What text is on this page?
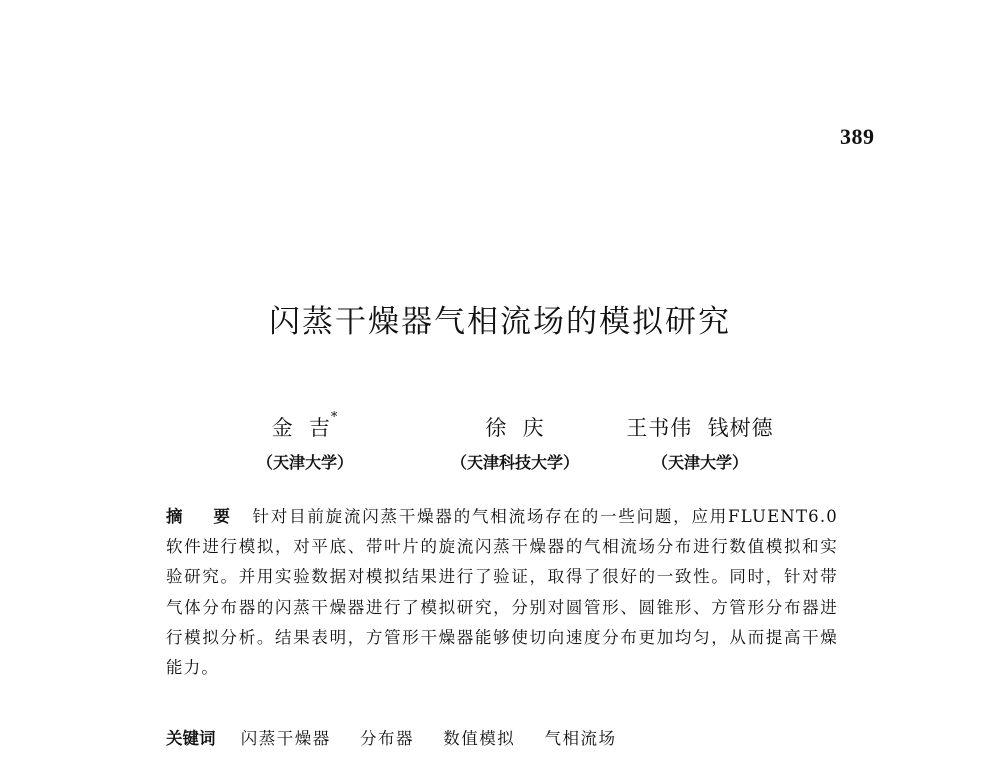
389
闪蒸干燥器气相流场的模拟研究
金  吉*
（天津大学）
徐  庆
（天津科技大学）
王书伟  钱树德
（天津大学）
摘 要 针对目前旋流闪蒸干燥器的气相流场存在的一些问题，应用FLUENT6.0软件进行模拟，对平底、带叶片的旋流闪蒸干燥器的气相流场分布进行数值模拟和实验研究。并用实验数据对模拟结果进行了验证，取得了很好的一致性。同时，针对带气体分布器的闪蒸干燥器进行了模拟研究，分别对圆管形、圆锥形、方管形分布器进行模拟分析。结果表明，方管形干燥器能够使切向速度分布更加均匀，从而提高干燥能力。
关键词 闪蒸干燥器 分布器 数值模拟 气相流场
